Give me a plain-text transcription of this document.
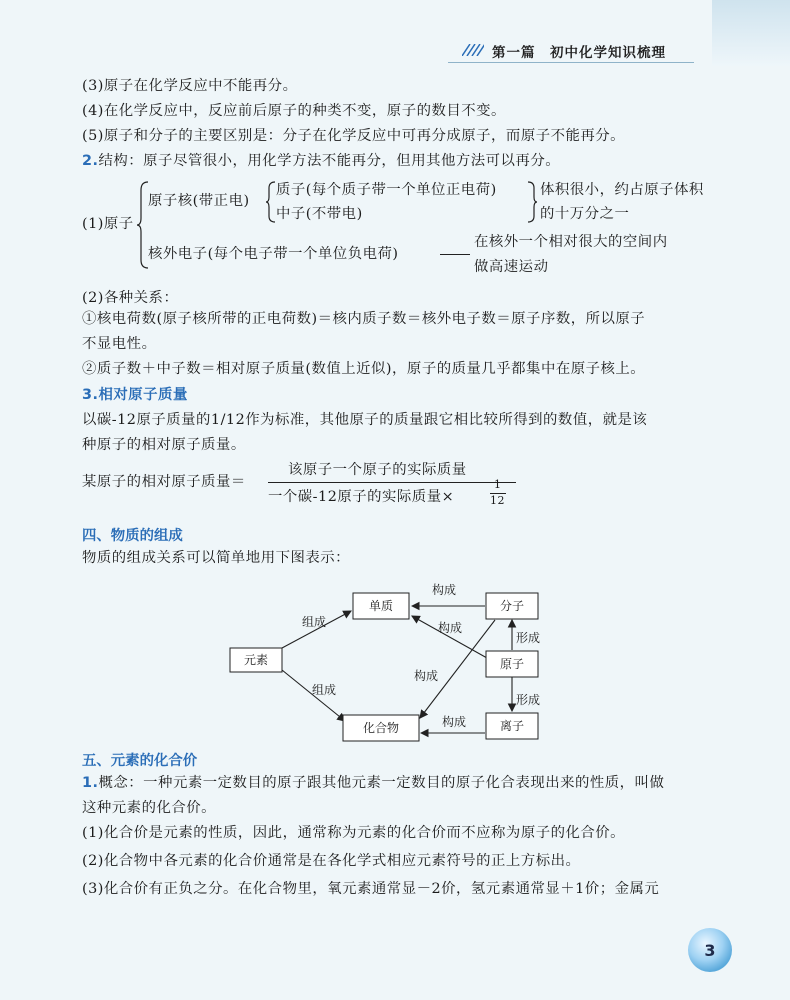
第一篇　初中化学知识梳理
(3)原子在化学反应中不能再分。
(4)在化学反应中，反应前后原子的种类不变，原子的数目不变。
(5)原子和分子的主要区别是：分子在化学反应中可再分成原子，而原子不能再分。
2.结构：原子尽管很小，用化学方法不能再分，但用其他方法可以再分。
(1)原子
原子核(带正电)
质子(每个质子带一个单位正电荷)
中子(不带电)
体积很小，约占原子体积
的十万分之一
核外电子(每个电子带一个单位负电荷)
在核外一个相对很大的空间内
做高速运动
(2)各种关系：
①核电荷数(原子核所带的正电荷数)＝核内质子数＝核外电子数＝原子序数，所以原子
不显电性。
②质子数＋中子数＝相对原子质量(数值上近似)，原子的质量几乎都集中在原子核上。
3.相对原子质量
以碳-12原子质量的1/12作为标准，其他原子的质量跟它相比较所得到的数值，就是该
种原子的相对原子质量。
某原子的相对原子质量＝
该原子一个原子的实际质量
一个碳-12原子的实际质量×
1
12
四、物质的组成
物质的组成关系可以简单地用下图表示：
元素
单质
化合物
分子
原子
离子
组成
组成
构成
构成
形成
构成
形成
构成
五、元素的化合价
1.概念：一种元素一定数目的原子跟其他元素一定数目的原子化合表现出来的性质，叫做
这种元素的化合价。
(1)化合价是元素的性质，因此，通常称为元素的化合价而不应称为原子的化合价。
(2)化合物中各元素的化合价通常是在各化学式相应元素符号的正上方标出。
(3)化合价有正负之分。在化合物里，氧元素通常显－2价，氢元素通常显＋1价；金属元
3
